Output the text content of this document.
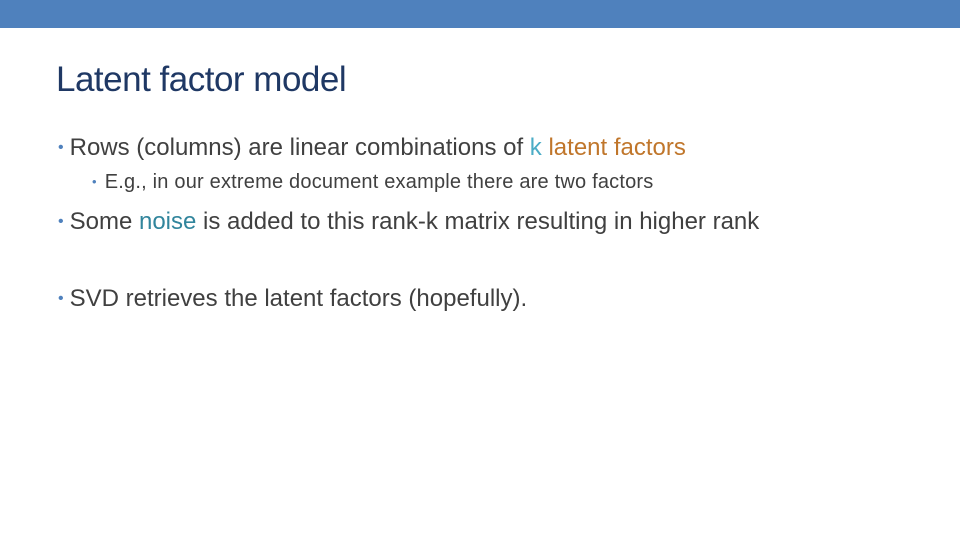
Latent factor model
• Rows (columns) are linear combinations of k latent factors
• E.g., in our extreme document example there are two factors
• Some noise is added to this rank-k matrix resulting in higher rank
• SVD retrieves the latent factors (hopefully).
